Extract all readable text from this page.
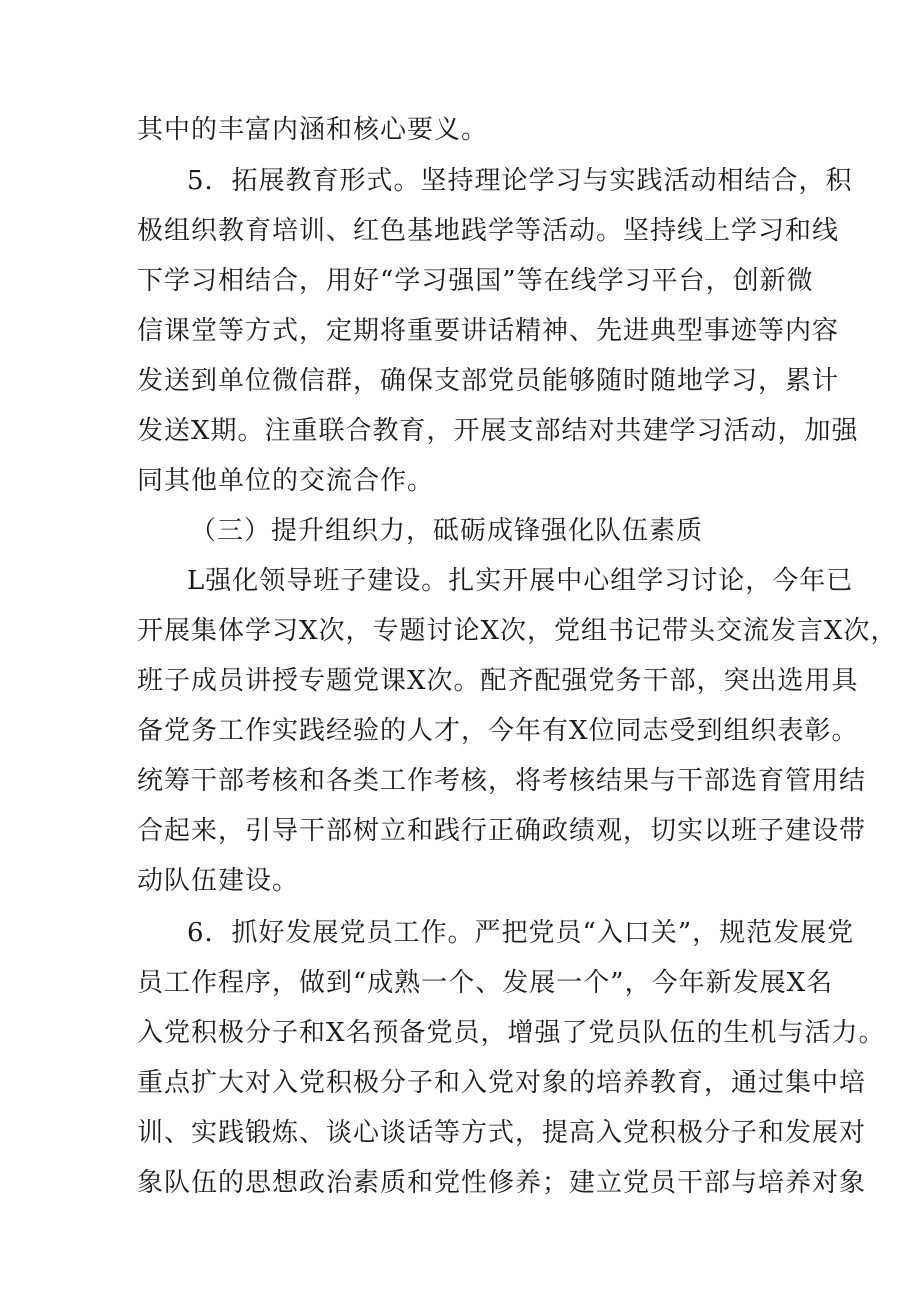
其中的丰富内涵和核心要义。
5．拓展教育形式。坚持理论学习与实践活动相结合，积
极组织教育培训、红色基地践学等活动。坚持线上学习和线
下学习相结合，用好“学习强国”等在线学习平台，创新微
信课堂等方式，定期将重要讲话精神、先进典型事迹等内容
发送到单位微信群，确保支部党员能够随时随地学习，累计
发送X期。注重联合教育，开展支部结对共建学习活动，加强
同其他单位的交流合作。
（三）提升组织力，砥砺成锋强化队伍素质
L强化领导班子建设。扎实开展中心组学习讨论，今年已
开展集体学习X次，专题讨论X次，党组书记带头交流发言X次，
班子成员讲授专题党课X次。配齐配强党务干部，突出选用具
备党务工作实践经验的人才，今年有X位同志受到组织表彰。
统筹干部考核和各类工作考核，将考核结果与干部选育管用结
合起来，引导干部树立和践行正确政绩观，切实以班子建设带
动队伍建设。
6．抓好发展党员工作。严把党员“入口关”，规范发展党
员工作程序，做到“成熟一个、发展一个”，今年新发展X名
入党积极分子和X名预备党员，增强了党员队伍的生机与活力。
重点扩大对入党积极分子和入党对象的培养教育，通过集中培
训、实践锻炼、谈心谈话等方式，提高入党积极分子和发展对
象队伍的思想政治素质和党性修养；建立党员干部与培养对象
